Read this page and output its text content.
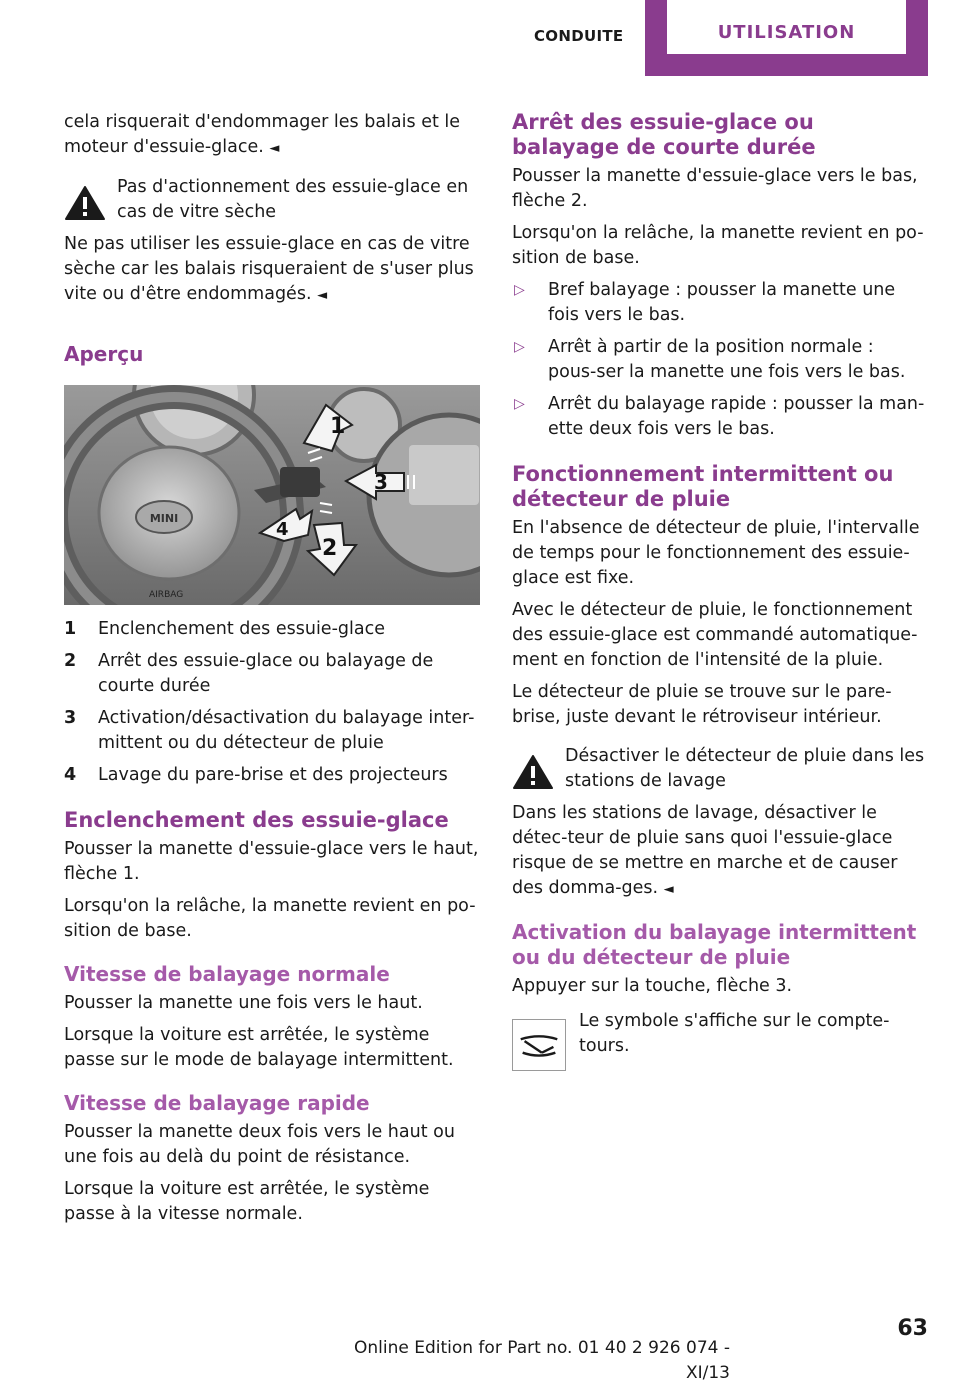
CONDUITE	UTILISATION

cela risquerait d'endommager les balais et le moteur d'essuie-glace. ◄

Pas d'actionnement des essuie-glace en cas de vitre sèche

Ne pas utiliser les essuie-glace en cas de vitre sèche car les balais risqueraient de s'user plus vite ou d'être endommagés. ◄

Aperçu
MINI
AIRBAG
1
3
4
2
1	Enclenchement des essuie-glace
2	Arrêt des essuie-glace ou balayage de courte durée
3	Activation/désactivation du balayage inter-mittent ou du détecteur de pluie
4	Lavage du pare-brise et des projecteurs
Enclenchement des essuie-glace

Pousser la manette d'essuie-glace vers le haut, flèche 1.

Lorsqu'on la relâche, la manette revient en po-sition de base.

Vitesse de balayage normale

Pousser la manette une fois vers le haut.

Lorsque la voiture est arrêtée, le système passe sur le mode de balayage intermittent.

Vitesse de balayage rapide

Pousser la manette deux fois vers le haut ou une fois au delà du point de résistance.

Lorsque la voiture est arrêtée, le système passe à la vitesse normale.

Arrêt des essuie-glace ou balayage de courte durée

Pousser la manette d'essuie-glace vers le bas, flèche 2.

Lorsqu'on la relâche, la manette revient en po-sition de base.

▷	Bref balayage : pousser la manette une fois vers le bas.
▷	Arrêt à partir de la position normale : pous-ser la manette une fois vers le bas.
▷	Arrêt du balayage rapide : pousser la man-ette deux fois vers le bas.
Fonctionnement intermittent ou détecteur de pluie

En l'absence de détecteur de pluie, l'intervalle de temps pour le fonctionnement des essuie-glace est fixe.

Avec le détecteur de pluie, le fonctionnement des essuie-glace est commandé automatique-ment en fonction de l'intensité de la pluie.

Le détecteur de pluie se trouve sur le pare-brise, juste devant le rétroviseur intérieur.

Désactiver le détecteur de pluie dans les stations de lavage

Dans les stations de lavage, désactiver le détec-teur de pluie sans quoi l'essuie-glace risque de se mettre en marche et de causer des domma-ges. ◄

Activation du balayage intermittent ou du détecteur de pluie

Appuyer sur la touche, flèche 3.

Le symbole s'affiche sur le compte-tours.
63
Online Edition for Part no. 01 40 2 926 074 - XI/13
